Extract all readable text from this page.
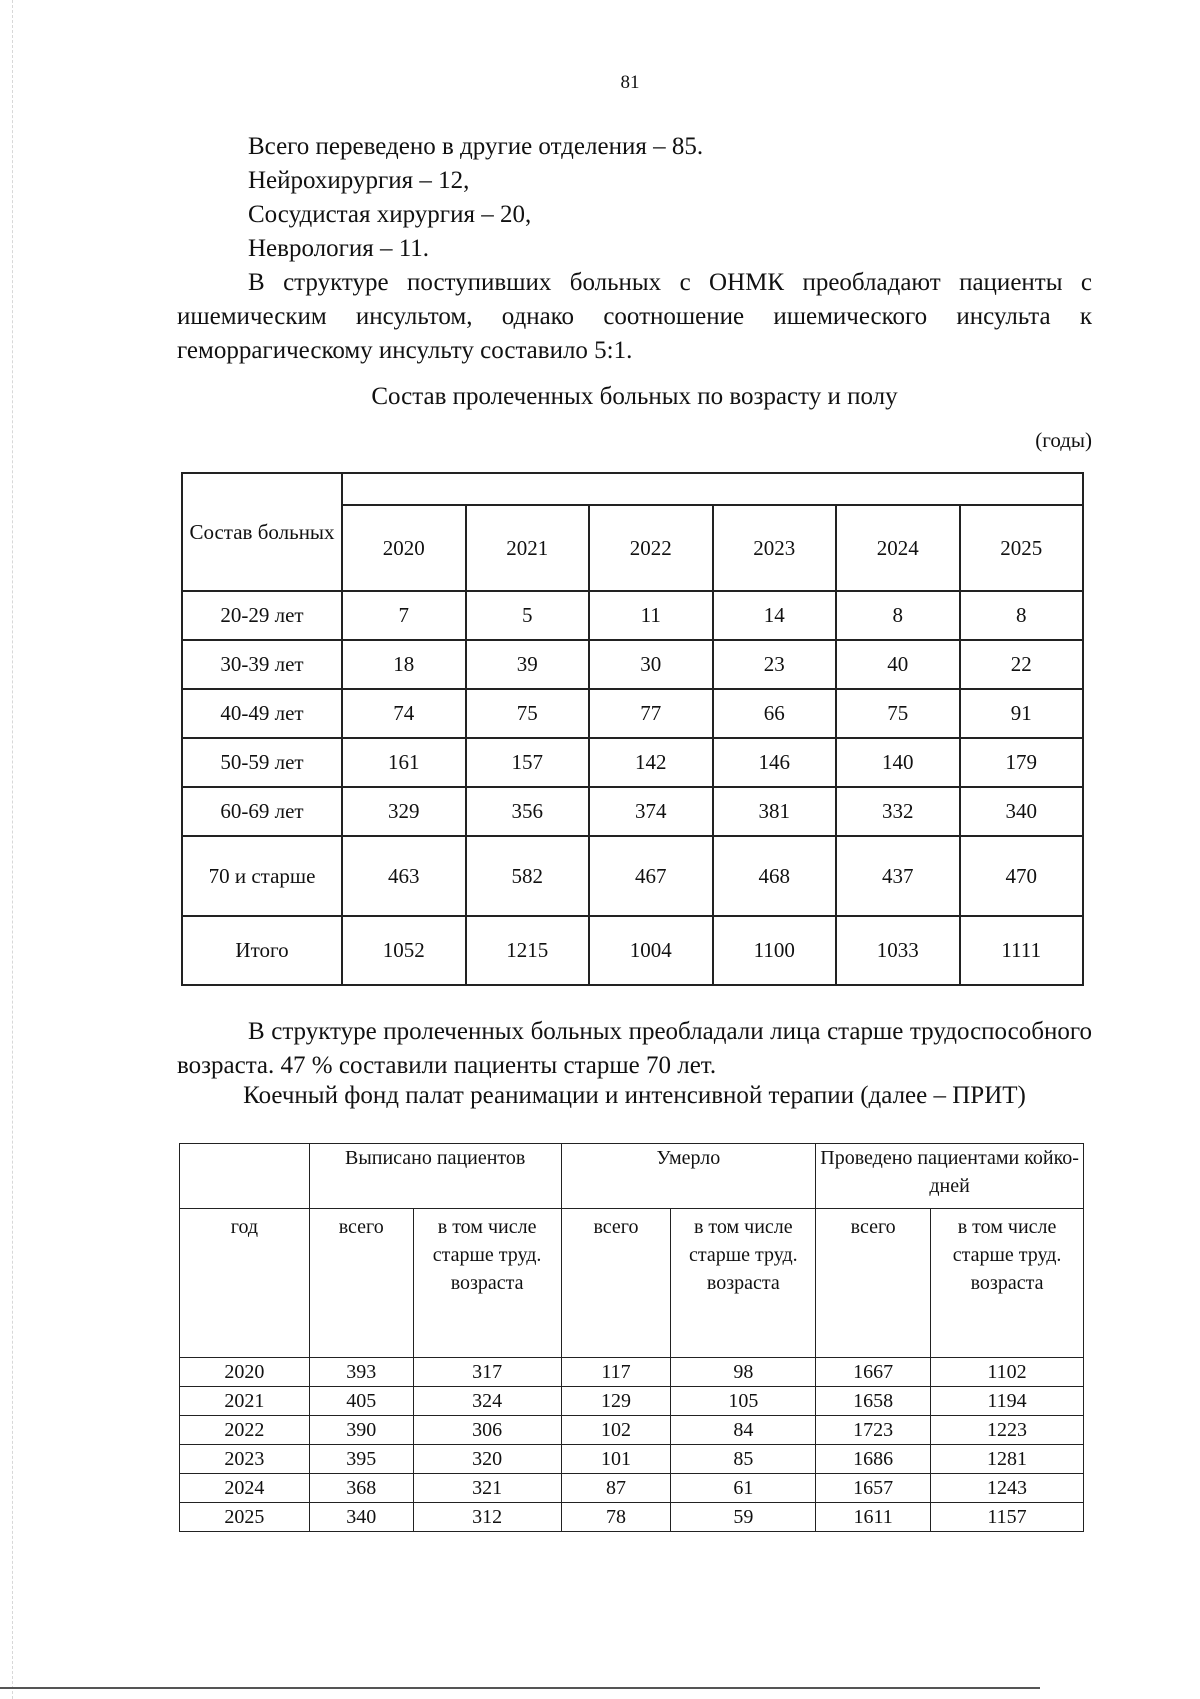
81
Всего переведено в другие отделения – 85.
Нейрохирургия – 12,
Сосудистая хирургия – 20,
Неврология – 11.
В структуре поступивших больных с ОНМК преобладают пациенты с ишемическим инсультом, однако соотношение ишемического инсульта к геморрагическому инсульту составило 5:1.
Состав пролеченных больных по возрасту и полу
(годы)
Состав больных						
	2020	2021	2022	2023	2024	2025
20-29 лет	7	5	11	14	8	8
30-39 лет	18	39	30	23	40	22
40-49 лет	74	75	77	66	75	91
50-59 лет	161	157	142	146	140	179
60-69 лет	329	356	374	381	332	340
70 и старше	463	582	467	468	437	470
Итого	1052	1215	1004	1100	1033	1111
В структуре пролеченных больных преобладали лица старше трудоспособного возраста. 47 % составили пациенты старше 70 лет.
Коечный фонд палат реанимации и интенсивной терапии (далее – ПРИТ)
	Выписано пациентов		Умерло		Проведено пациентами койко-дней	
год	всего	в том числе старше труд. возраста	всего	в том числе старше труд. возраста	всего	в том числе старше труд. возраста
2020	393	317	117	98	1667	1102
2021	405	324	129	105	1658	1194
2022	390	306	102	84	1723	1223
2023	395	320	101	85	1686	1281
2024	368	321	87	61	1657	1243
2025	340	312	78	59	1611	1157
